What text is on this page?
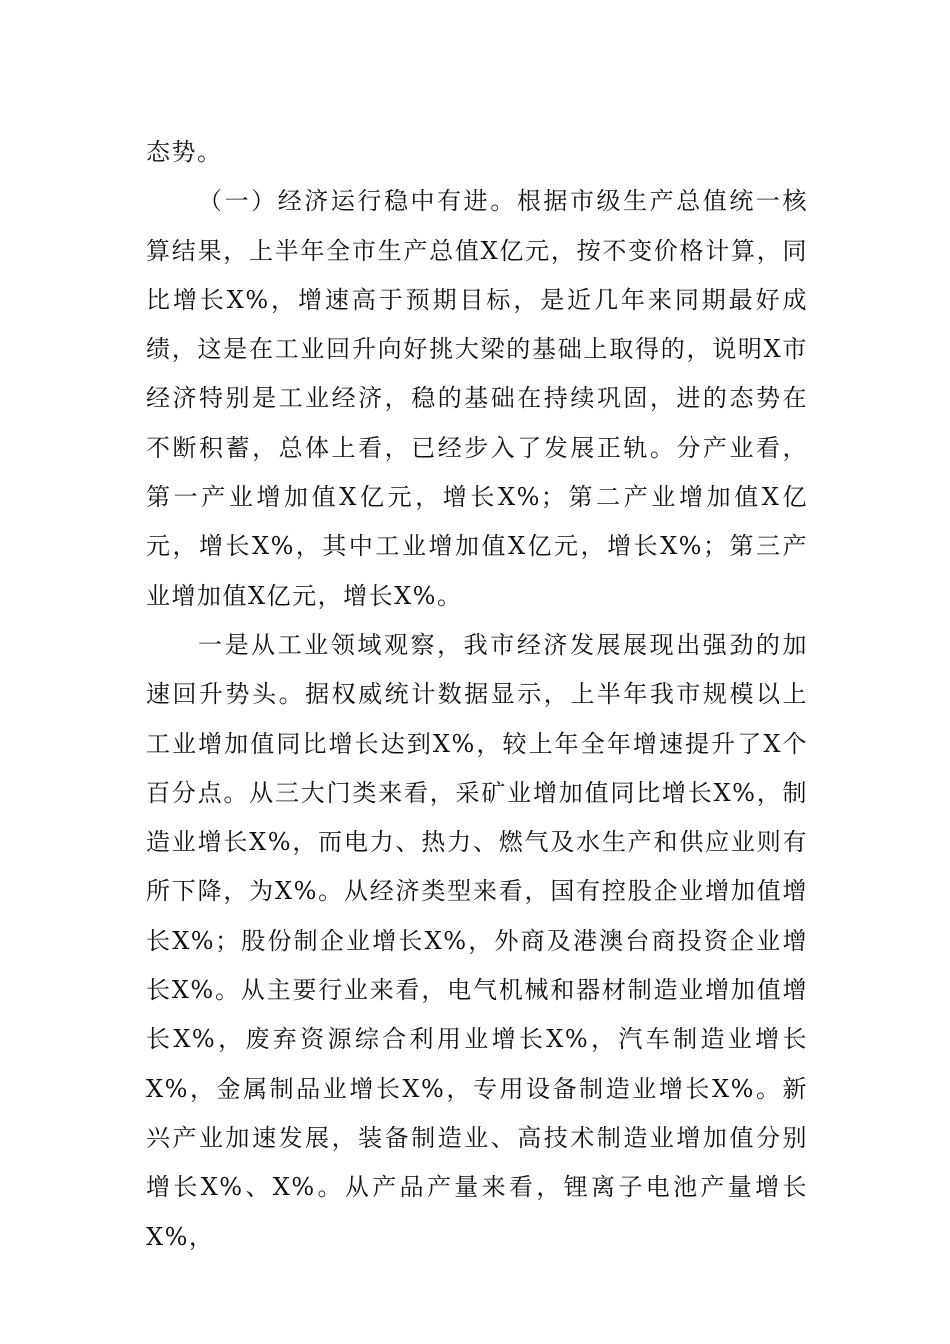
态势。

（一）经济运行稳中有进。根据市级生产总值统一核算结果，上半年全市生产总值X亿元，按不变价格计算，同比增长X%，增速高于预期目标，是近几年来同期最好成绩，这是在工业回升向好挑大梁的基础上取得的，说明X市经济特别是工业经济，稳的基础在持续巩固，进的态势在不断积蓄，总体上看，已经步入了发展正轨。分产业看，第一产业增加值X亿元，增长X%；第二产业增加值X亿元，增长X%，其中工业增加值X亿元，增长X%；第三产业增加值X亿元，增长X%。

一是从工业领域观察，我市经济发展展现出强劲的加速回升势头。据权威统计数据显示，上半年我市规模以上工业增加值同比增长达到X%，较上年全年增速提升了X个百分点。从三大门类来看，采矿业增加值同比增长X%，制造业增长X%，而电力、热力、燃气及水生产和供应业则有所下降，为X%。从经济类型来看，国有控股企业增加值增长X%；股份制企业增长X%，外商及港澳台商投资企业增长X%。从主要行业来看，电气机械和器材制造业增加值增长X%，废弃资源综合利用业增长X%，汽车制造业增长X%，金属制品业增长X%，专用设备制造业增长X%。新兴产业加速发展，装备制造业、高技术制造业增加值分别增长X%、X%。从产品产量来看，锂离子电池产量增长X%，
